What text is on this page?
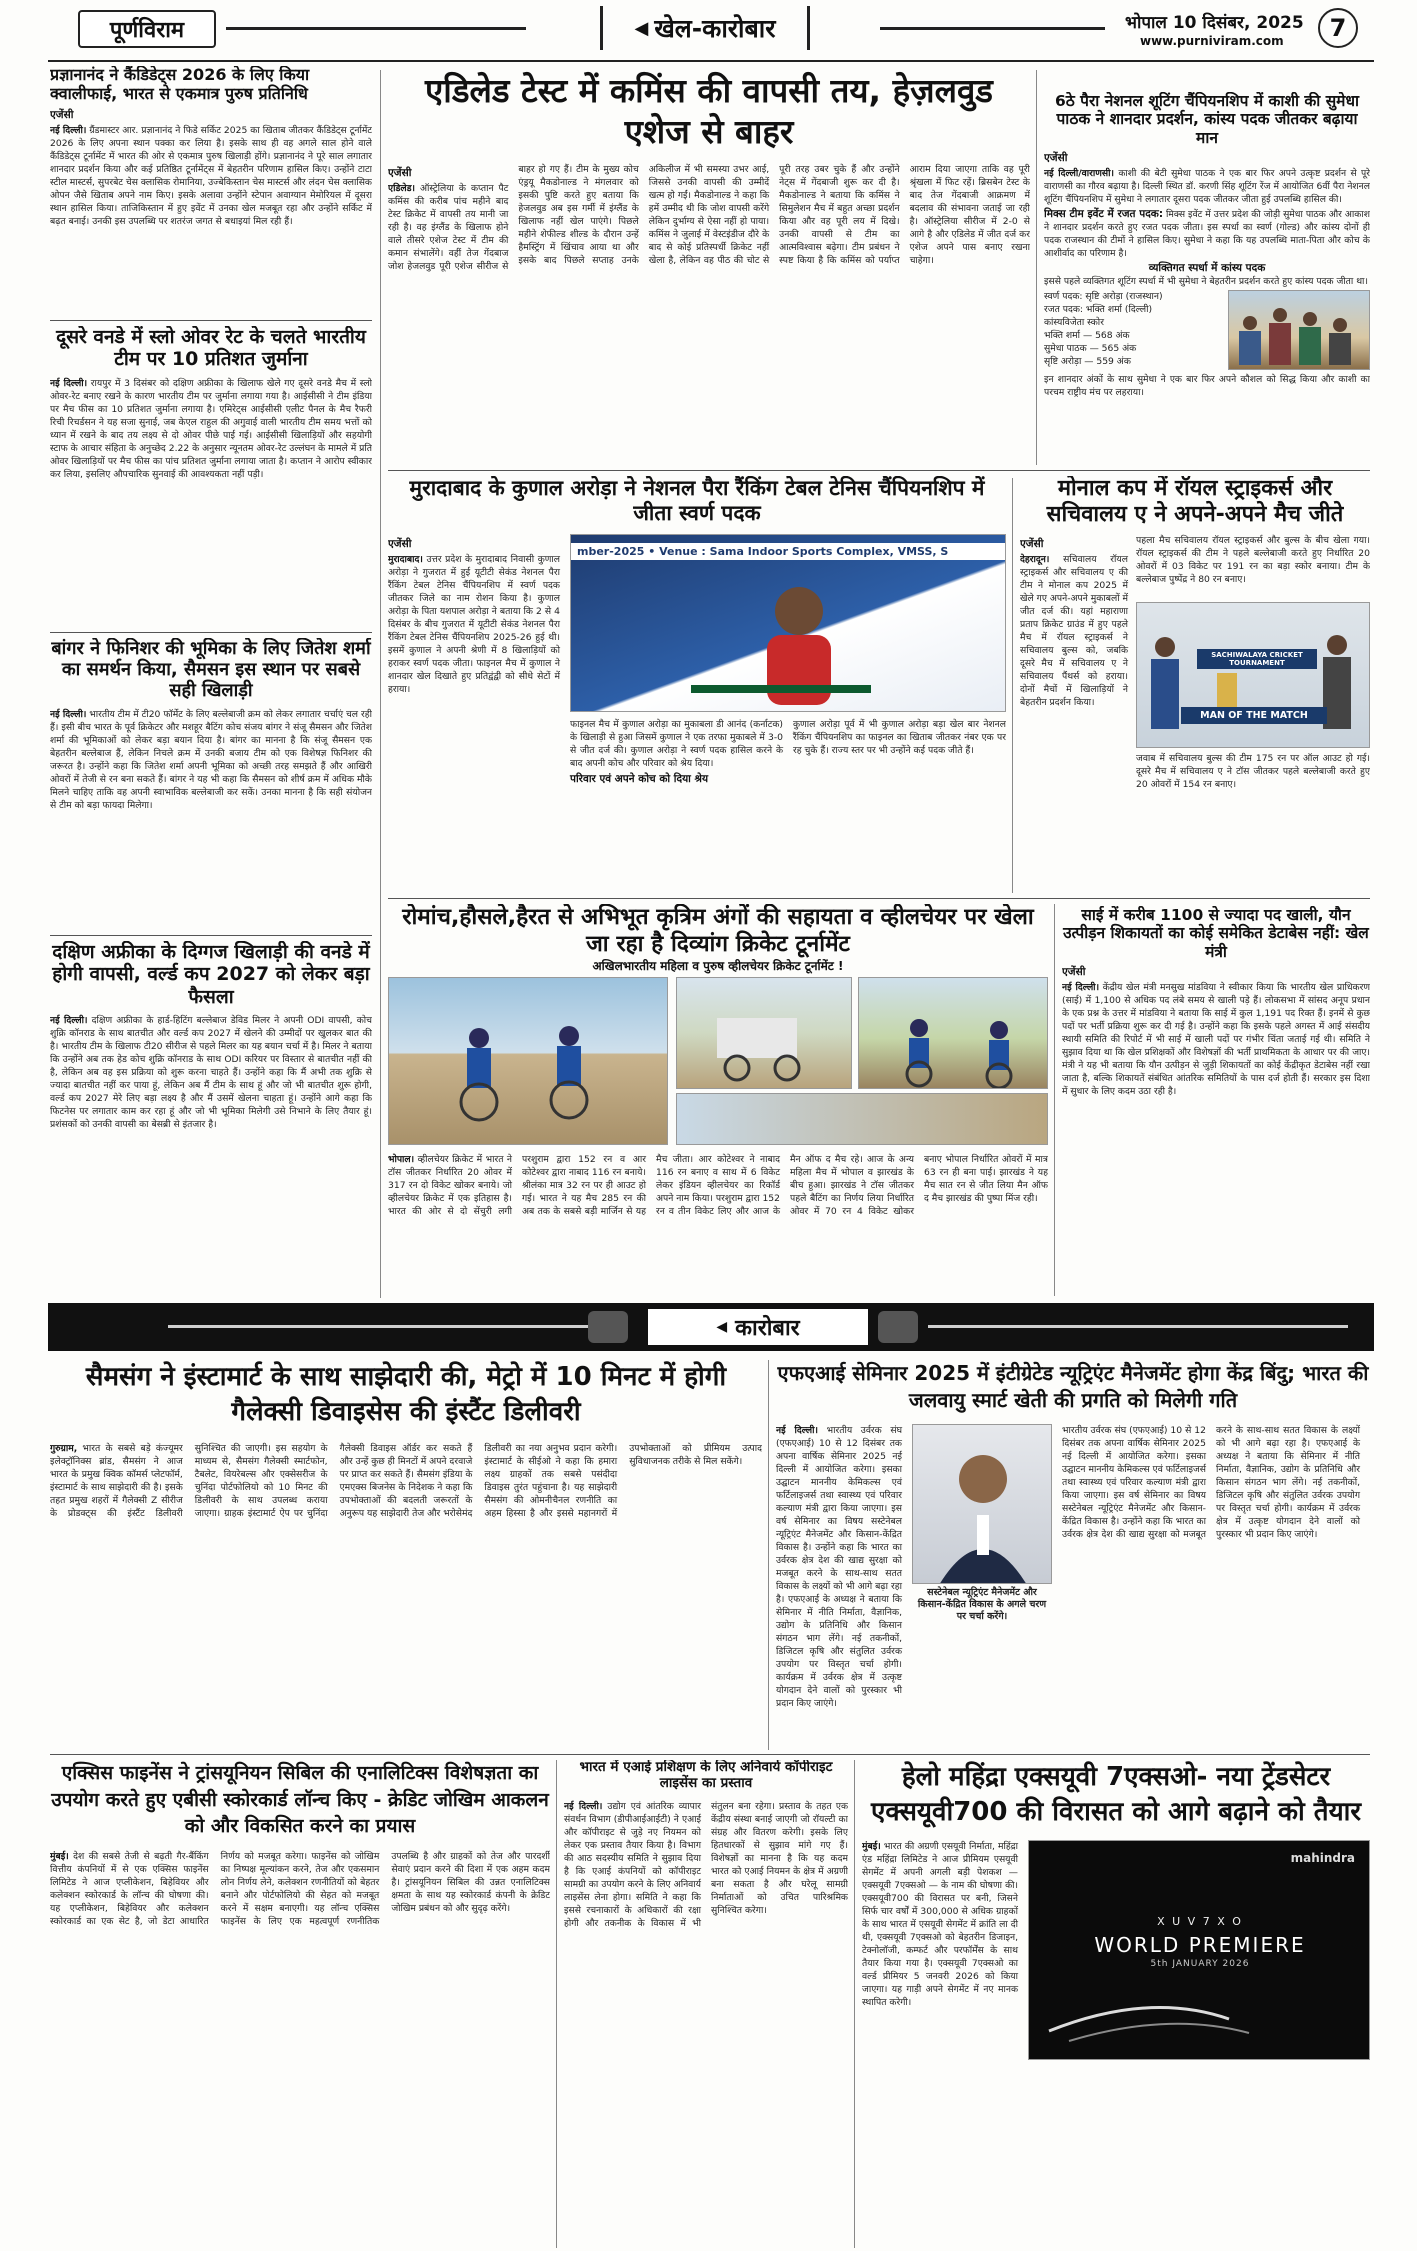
पूर्णविराम	◀ खेल-कारोबार	भोपाल 10 दिसंबर, 2025
www.purniviram.com 7
प्रज्ञानानंद ने कैंडिडेट्स 2026 के लिए किया क्वालीफाई, भारत से एकमात्र पुरुष प्रतिनिधि
एजेंसी
नई दिल्ली। ग्रैंडमास्टर आर. प्रज्ञानानंद ने फिडे सर्किट 2025 का खिताब जीतकर कैंडिडेट्स टूर्नामेंट 2026 के लिए अपना स्थान पक्का कर लिया है। इसके साथ ही वह अगले साल होने वाले कैंडिडेट्स टूर्नामेंट में भारत की ओर से एकमात्र पुरुष खिलाड़ी होंगे। प्रज्ञानानंद ने पूरे साल लगातार शानदार प्रदर्शन किया और कई प्रतिष्ठित टूर्नामेंट्स में बेहतरीन परिणाम हासिल किए। उन्होंने टाटा स्टील मास्टर्स, सुपरबेट चेस क्लासिक रोमानिया, उज्बेकिस्तान चेस मास्टर्स और लंदन चेस क्लासिक ओपन जैसे खिताब अपने नाम किए। इसके अलावा उन्होंने स्टेपान अवाग्यान मेमोरियल में दूसरा स्थान हासिल किया। ताजिकिस्तान में हुए इवेंट में उनका खेल मजबूत रहा और उन्होंने सर्किट में बढ़त बनाई। उनकी इस उपलब्धि पर शतरंज जगत से बधाइयां मिल रही हैं।
दूसरे वनडे में स्लो ओवर रेट के चलते भारतीय टीम पर 10 प्रतिशत जुर्माना
नई दिल्ली। रायपुर में 3 दिसंबर को दक्षिण अफ्रीका के खिलाफ खेले गए दूसरे वनडे मैच में स्लो ओवर-रेट बनाए रखने के कारण भारतीय टीम पर जुर्माना लगाया गया है। आईसीसी ने टीम इंडिया पर मैच फीस का 10 प्रतिशत जुर्माना लगाया है। एमिरेट्स आईसीसी एलीट पैनल के मैच रैफरी रिची रिचर्डसन ने यह सजा सुनाई, जब केएल राहुल की अगुवाई वाली भारतीय टीम समय भत्तों को ध्यान में रखने के बाद तय लक्ष्य से दो ओवर पीछे पाई गई। आईसीसी खिलाड़ियों और सहयोगी स्टाफ के आचार संहिता के अनुच्छेद 2.22 के अनुसार न्यूनतम ओवर-रेट उल्लंघन के मामले में प्रति ओवर खिलाड़ियों पर मैच फीस का पांच प्रतिशत जुर्माना लगाया जाता है। कप्तान ने आरोप स्वीकार कर लिया, इसलिए औपचारिक सुनवाई की आवश्यकता नहीं पड़ी।
बांगर ने फिनिशर की भूमिका के लिए जितेश शर्मा का समर्थन किया, सैमसन इस स्थान पर सबसे सही खिलाड़ी
नई दिल्ली। भारतीय टीम में टी20 फॉर्मेट के लिए बल्लेबाजी क्रम को लेकर लगातार चर्चाएं चल रही हैं। इसी बीच भारत के पूर्व क्रिकेटर और मशहूर बैटिंग कोच संजय बांगर ने संजू सैमसन और जितेश शर्मा की भूमिकाओं को लेकर बड़ा बयान दिया है। बांगर का मानना है कि संजू सैमसन एक बेहतरीन बल्लेबाज हैं, लेकिन निचले क्रम में उनकी बजाय टीम को एक विशेषज्ञ फिनिशर की जरूरत है। उन्होंने कहा कि जितेश शर्मा अपनी भूमिका को अच्छी तरह समझते हैं और आखिरी ओवरों में तेजी से रन बना सकते हैं। बांगर ने यह भी कहा कि सैमसन को शीर्ष क्रम में अधिक मौके मिलने चाहिए ताकि वह अपनी स्वाभाविक बल्लेबाजी कर सकें। उनका मानना है कि सही संयोजन से टीम को बड़ा फायदा मिलेगा।
दक्षिण अफ्रीका के दिग्गज खिलाड़ी की वनडे में होगी वापसी, वर्ल्ड कप 2027 को लेकर बड़ा फैसला
नई दिल्ली। दक्षिण अफ्रीका के हार्ड-हिटिंग बल्लेबाज डेविड मिलर ने अपनी ODI वापसी, कोच शुक्रि कॉनराड के साथ बातचीत और वर्ल्ड कप 2027 में खेलने की उम्मीदों पर खुलकर बात की है। भारतीय टीम के खिलाफ टी20 सीरीज से पहले मिलर का यह बयान चर्चा में है। मिलर ने बताया कि उन्होंने अब तक हेड कोच शुक्रि कॉनराड के साथ ODI करियर पर विस्तार से बातचीत नहीं की है, लेकिन अब वह इस प्रक्रिया को शुरू करना चाहते हैं। उन्होंने कहा कि मैं अभी तक शुक्रि से ज्यादा बातचीत नहीं कर पाया हूं, लेकिन अब मैं टीम के साथ हूं और जो भी बातचीत शुरू होगी, वर्ल्ड कप 2027 मेरे लिए बड़ा लक्ष्य है और मैं उसमें खेलना चाहता हूं। उन्होंने आगे कहा कि फिटनेस पर लगातार काम कर रहा हूं और जो भी भूमिका मिलेगी उसे निभाने के लिए तैयार हूं। प्रशंसकों को उनकी वापसी का बेसब्री से इंतजार है।
एडिलेड टेस्ट में कमिंस की वापसी तय, हेज़लवुड एशेज से बाहर
एजेंसी
एडिलेड। ऑस्ट्रेलिया के कप्तान पैट कमिंस की करीब पांच महीने बाद टेस्ट क्रिकेट में वापसी तय मानी जा रही है। वह इंग्लैंड के खिलाफ होने वाले तीसरे एशेज टेस्ट में टीम की कमान संभालेंगे। वहीं तेज गेंदबाज जोश हेजलवुड पूरी एशेज सीरीज से बाहर हो गए हैं। टीम के मुख्य कोच एंड्रयू मैकडोनाल्ड ने मंगलवार को इसकी पुष्टि करते हुए बताया कि हेजलवुड अब इस गर्मी में इंग्लैंड के खिलाफ नहीं खेल पाएंगे। पिछले महीने शेफील्ड शील्ड के दौरान उन्हें हैमस्ट्रिंग में खिंचाव आया था और इसके बाद पिछले सप्ताह उनके अकिलीज में भी समस्या उभर आई, जिससे उनकी वापसी की उम्मीदें खत्म हो गईं। मैकडोनाल्ड ने कहा कि हमें उम्मीद थी कि जोश वापसी करेंगे लेकिन दुर्भाग्य से ऐसा नहीं हो पाया। कमिंस ने जुलाई में वेस्टइंडीज दौरे के बाद से कोई प्रतिस्पर्धी क्रिकेट नहीं खेला है, लेकिन वह पीठ की चोट से पूरी तरह उबर चुके हैं और उन्होंने नेट्स में गेंदबाजी शुरू कर दी है। मैकडोनाल्ड ने बताया कि कमिंस ने सिमुलेशन मैच में बहुत अच्छा प्रदर्शन किया और वह पूरी लय में दिखे। उनकी वापसी से टीम का आत्मविश्वास बढ़ेगा। टीम प्रबंधन ने स्पष्ट किया है कि कमिंस को पर्याप्त आराम दिया जाएगा ताकि वह पूरी श्रृंखला में फिट रहें। ब्रिसबेन टेस्ट के बाद तेज गेंदबाजी आक्रमण में बदलाव की संभावना जताई जा रही है। ऑस्ट्रेलिया सीरीज में 2-0 से आगे है और एडिलेड में जीत दर्ज कर एशेज अपने पास बनाए रखना चाहेगा।
6ठे पैरा नेशनल शूटिंग चैंपियनशिप में काशी की सुमेधा पाठक ने शानदार प्रदर्शन, कांस्य पदक जीतकर बढ़ाया मान
एजेंसी

नई दिल्ली/वाराणसी। काशी की बेटी सुमेधा पाठक ने एक बार फिर अपने उत्कृष्ट प्रदर्शन से पूरे वाराणसी का गौरव बढ़ाया है। दिल्ली स्थित डॉ. करणी सिंह शूटिंग रेंज में आयोजित 6वीं पैरा नेशनल शूटिंग चैंपियनशिप में सुमेधा ने लगातार दूसरा पदक जीतकर जीता हुई उपलब्धि हासिल की।

मिक्स टीम इवेंट में रजत पदक: मिक्स इवेंट में उत्तर प्रदेश की जोड़ी सुमेधा पाठक और आकाश ने शानदार प्रदर्शन करते हुए रजत पदक जीता। इस स्पर्धा का स्वर्ण (गोल्ड) और कांस्य दोनों ही पदक राजस्थान की टीमों ने हासिल किए। सुमेधा ने कहा कि यह उपलब्धि माता-पिता और कोच के आशीर्वाद का परिणाम है।

व्यक्तिगत स्पर्धा में कांस्य पदक

इससे पहले व्यक्तिगत शूटिंग स्पर्धा में भी सुमेधा ने बेहतरीन प्रदर्शन करते हुए कांस्य पदक जीता था।

स्वर्ण पदक: सृष्टि अरोड़ा (राजस्थान)
रजत पदक: भक्ति शर्मा (दिल्ली)
कांस्यविजेता स्कोर
भक्ति शर्मा — 568 अंक
सुमेधा पाठक — 565 अंक
सृष्टि अरोड़ा — 559 अंक
इन शानदार अंकों के साथ सुमेधा ने एक बार फिर अपने कौशल को सिद्ध किया और काशी का परचम राष्ट्रीय मंच पर लहराया।
मुरादाबाद के कुणाल अरोड़ा ने नेशनल पैरा रैंकिंग टेबल टेनिस चैंपियनशिप में जीता स्वर्ण पदक
एजेंसी
मुरादाबाद। उत्तर प्रदेश के मुरादाबाद निवासी कुणाल अरोड़ा ने गुजरात में हुई यूटीटी सेकंड नेशनल पैरा रैंकिंग टेबल टेनिस चैंपियनशिप में स्वर्ण पदक जीतकर जिले का नाम रोशन किया है। कुणाल अरोड़ा के पिता यशपाल अरोड़ा ने बताया कि 2 से 4 दिसंबर के बीच गुजरात में यूटीटी सेकंड नेशनल पैरा रैंकिंग टेबल टेनिस चैंपियनशिप 2025-26 हुई थी। इसमें कुणाल ने अपनी श्रेणी में 8 खिलाड़ियों को हराकर स्वर्ण पदक जीता। फाइनल मैच में कुणाल ने शानदार खेल दिखाते हुए प्रतिद्वंद्वी को सीधे सेटों में हराया।
mber-2025 • Venue : Sama Indoor Sports Complex, VMSS, S
फाइनल मैच में कुणाल अरोड़ा का मुकाबला डी आनंद (कर्नाटक) के खिलाड़ी से हुआ जिसमें कुणाल ने एक तरफा मुकाबले में 3-0 से जीत दर्ज की। कुणाल अरोड़ा ने स्वर्ण पदक हासिल करने के बाद अपनी कोच और परिवार को श्रेय दिया।
परिवार एवं अपने कोच को दिया श्रेय
कुणाल अरोड़ा पूर्व में भी कुणाल अरोड़ा बड़ा खेल बार नेशनल रैंकिंग चैंपियनशिप का फाइनल का खिताब जीतकर नंबर एक पर रह चुके हैं। राज्य स्तर पर भी उन्होंने कई पदक जीते हैं।
मोनाल कप में रॉयल स्ट्राइकर्स और सचिवालय ए ने अपने-अपने मैच जीते
एजेंसी
देहरादून। सचिवालय रॉयल स्ट्राइकर्स और सचिवालय ए की टीम ने मोनाल कप 2025 में खेले गए अपने-अपने मुकाबलों में जीत दर्ज की। यहां महाराणा प्रताप क्रिकेट ग्राउंड में हुए पहले मैच में रॉयल स्ट्राइकर्स ने सचिवालय बुल्स को, जबकि दूसरे मैच में सचिवालय ए ने सचिवालय पैंथर्स को हराया। दोनों मैचों में खिलाड़ियों ने बेहतरीन प्रदर्शन किया।
पहला मैच सचिवालय रॉयल स्ट्राइकर्स और बुल्स के बीच खेला गया। रॉयल स्ट्राइकर्स की टीम ने पहले बल्लेबाजी करते हुए निर्धारित 20 ओवरों में 03 विकेट पर 191 रन का बड़ा स्कोर बनाया। टीम के बल्लेबाज पुष्पेंद्र ने 80 रन बनाए।
SACHIWALAYA CRICKET TOURNAMENT
MAN OF THE MATCH
जवाब में सचिवालय बुल्स की टीम 175 रन पर ऑल आउट हो गई। दूसरे मैच में सचिवालय ए ने टॉस जीतकर पहले बल्लेबाजी करते हुए 20 ओवरों में 154 रन बनाए।
रोमांच,हौसले,हैरत से अभिभूत कृत्रिम अंगों की सहायता व व्हीलचेयर पर खेला जा रहा है दिव्यांग क्रिकेट टूर्नामेंट
अखिलभारतीय महिला व पुरुष व्हीलचेयर क्रिकेट टूर्नामेंट !
भोपाल। व्हीलचेयर क्रिकेट में भारत ने टॉस जीतकर निर्धारित 20 ओवर में 317 रन दो विकेट खोकर बनाये। जो व्हीलचेयर क्रिकेट में एक इतिहास है। भारत की ओर से दो सेंचुरी लगी परशुराम द्वारा 152 रन व आर कोटेश्वर द्वारा नाबाद 116 रन बनाये। श्रीलंका मात्र 32 रन पर ही आउट हो गई। भारत ने यह मैच 285 रन की अब तक के सबसे बड़ी मार्जिन से यह मैच जीता। आर कोटेश्वर ने नाबाद 116 रन बनाए व साथ में 6 विकेट लेकर इंडियन व्हीलचेयर का रिकॉर्ड अपने नाम किया। परशुराम द्वारा 152 रन व तीन विकेट लिए और आज के मैन ऑफ द मैच रहे। आज के अन्य महिला मैच में भोपाल व झारखंड के बीच हुआ। झारखंड ने टॉस जीतकर पहले बैटिंग का निर्णय लिया निर्धारित ओवर में 70 रन 4 विकेट खोकर बनाए भोपाल निर्धारित ओवरों में मात्र 63 रन ही बना पाई। झारखंड ने यह मैच सात रन से जीत लिया मैन ऑफ द मैच झारखंड की पुष्पा मिंज रही।
साई में करीब 1100 से ज्यादा पद खाली, यौन उत्पीड़न शिकायतों का कोई समेकित डेटाबेस नहीं: खेल मंत्री
एजेंसी
नई दिल्ली। केंद्रीय खेल मंत्री मनसुख मांडविया ने स्वीकार किया कि भारतीय खेल प्राधिकरण (साई) में 1,100 से अधिक पद लंबे समय से खाली पड़े हैं। लोकसभा में सांसद अनूप प्रधान के एक प्रश्न के उत्तर में मांडविया ने बताया कि साई में कुल 1,191 पद रिक्त हैं। इनमें से कुछ पदों पर भर्ती प्रक्रिया शुरू कर दी गई है। उन्होंने कहा कि इसके पहले अगस्त में आई संसदीय स्थायी समिति की रिपोर्ट में भी साई में खाली पदों पर गंभीर चिंता जताई गई थी। समिति ने सुझाव दिया था कि खेल प्रशिक्षकों और विशेषज्ञों की भर्ती प्राथमिकता के आधार पर की जाए। मंत्री ने यह भी बताया कि यौन उत्पीड़न से जुड़ी शिकायतों का कोई केंद्रीकृत डेटाबेस नहीं रखा जाता है, बल्कि शिकायतें संबंधित आंतरिक समितियों के पास दर्ज होती हैं। सरकार इस दिशा में सुधार के लिए कदम उठा रही है।
◀ कारोबार
सैमसंग ने इंस्टामार्ट के साथ साझेदारी की, मेट्रो में 10 मिनट में होगी गैलेक्सी डिवाइसेस की इंस्टैंट डिलीवरी
गुरुग्राम, भारत के सबसे बड़े कंज्यूमर इलेक्ट्रॉनिक्स ब्रांड, सैमसंग ने आज भारत के प्रमुख क्विक कॉमर्स प्लेटफॉर्म, इंस्टामार्ट के साथ साझेदारी की है। इसके तहत प्रमुख शहरों में गैलेक्सी Z सीरीज के प्रोडक्ट्स की इंस्टैंट डिलीवरी सुनिश्चित की जाएगी। इस सहयोग के माध्यम से, सैमसंग गैलेक्सी स्मार्टफोन, टैबलेट, वियरेबल्स और एक्सेसरीज के चुनिंदा पोर्टफोलियो को 10 मिनट की डिलीवरी के साथ उपलब्ध कराया जाएगा। ग्राहक इंस्टामार्ट ऐप पर चुनिंदा गैलेक्सी डिवाइस ऑर्डर कर सकते हैं और उन्हें कुछ ही मिनटों में अपने दरवाजे पर प्राप्त कर सकते हैं। सैमसंग इंडिया के एमएक्स बिजनेस के निदेशक ने कहा कि उपभोक्ताओं की बदलती जरूरतों के अनुरूप यह साझेदारी तेज और भरोसेमंद डिलीवरी का नया अनुभव प्रदान करेगी। इंस्टामार्ट के सीईओ ने कहा कि हमारा लक्ष्य ग्राहकों तक सबसे पसंदीदा डिवाइस तुरंत पहुंचाना है। यह साझेदारी सैमसंग की ओमनीचैनल रणनीति का अहम हिस्सा है और इससे महानगरों में उपभोक्ताओं को प्रीमियम उत्पाद सुविधाजनक तरीके से मिल सकेंगे।
एफएआई सेमिनार 2025 में इंटीग्रेटेड न्यूट्रिएंट मैनेजमेंट होगा केंद्र बिंदु; भारत की जलवायु स्मार्ट खेती की प्रगति को मिलेगी गति
नई दिल्ली। भारतीय उर्वरक संघ (एफएआई) 10 से 12 दिसंबर तक अपना वार्षिक सेमिनार 2025 नई दिल्ली में आयोजित करेगा। इसका उद्घाटन माननीय केमिकल्स एवं फर्टिलाइजर्स तथा स्वास्थ्य एवं परिवार कल्याण मंत्री द्वारा किया जाएगा। इस वर्ष सेमिनार का विषय सस्टेनेबल न्यूट्रिएंट मैनेजमेंट और किसान-केंद्रित विकास है। उन्होंने कहा कि भारत का उर्वरक क्षेत्र देश की खाद्य सुरक्षा को मजबूत करने के साथ-साथ सतत विकास के लक्ष्यों को भी आगे बढ़ा रहा है। एफएआई के अध्यक्ष ने बताया कि सेमिनार में नीति निर्माता, वैज्ञानिक, उद्योग के प्रतिनिधि और किसान संगठन भाग लेंगे। नई तकनीकों, डिजिटल कृषि और संतुलित उर्वरक उपयोग पर विस्तृत चर्चा होगी। कार्यक्रम में उर्वरक क्षेत्र में उत्कृष्ट योगदान देने वालों को पुरस्कार भी प्रदान किए जाएंगे।
सस्टेनेबल न्यूट्रिएंट मैनेजमेंट और किसान-केंद्रित विकास के अगले चरण पर चर्चा करेंगे।
भारतीय उर्वरक संघ (एफएआई) 10 से 12 दिसंबर तक अपना वार्षिक सेमिनार 2025 नई दिल्ली में आयोजित करेगा। इसका उद्घाटन माननीय केमिकल्स एवं फर्टिलाइजर्स तथा स्वास्थ्य एवं परिवार कल्याण मंत्री द्वारा किया जाएगा। इस वर्ष सेमिनार का विषय सस्टेनेबल न्यूट्रिएंट मैनेजमेंट और किसान-केंद्रित विकास है। उन्होंने कहा कि भारत का उर्वरक क्षेत्र देश की खाद्य सुरक्षा को मजबूत करने के साथ-साथ सतत विकास के लक्ष्यों को भी आगे बढ़ा रहा है। एफएआई के अध्यक्ष ने बताया कि सेमिनार में नीति निर्माता, वैज्ञानिक, उद्योग के प्रतिनिधि और किसान संगठन भाग लेंगे। नई तकनीकों, डिजिटल कृषि और संतुलित उर्वरक उपयोग पर विस्तृत चर्चा होगी। कार्यक्रम में उर्वरक क्षेत्र में उत्कृष्ट योगदान देने वालों को पुरस्कार भी प्रदान किए जाएंगे।
एक्सिस फाइनेंस ने ट्रांसयूनियन सिबिल की एनालिटिक्स विशेषज्ञता का उपयोग करते हुए एबीसी स्कोरकार्ड लॉन्च किए - क्रेडिट जोखिम आकलन को और विकसित करने का प्रयास
मुंबई। देश की सबसे तेजी से बढ़ती गैर-बैंकिंग वित्तीय कंपनियों में से एक एक्सिस फाइनेंस लिमिटेड ने आज एप्लीकेशन, बिहेवियर और कलेक्शन स्कोरकार्ड के लॉन्च की घोषणा की। यह एप्लीकेशन, बिहेवियर और कलेक्शन स्कोरकार्ड का एक सेट है, जो डेटा आधारित निर्णय को मजबूत करेगा। फाइनेंस को जोखिम का निष्पक्ष मूल्यांकन करने, तेज और एकसमान लोन निर्णय लेने, कलेक्शन रणनीतियों को बेहतर बनाने और पोर्टफोलियो की सेहत को मजबूत करने में सक्षम बनाएगी। यह लॉन्च एक्सिस फाइनेंस के लिए एक महत्वपूर्ण रणनीतिक उपलब्धि है और ग्राहकों को तेज और पारदर्शी सेवाएं प्रदान करने की दिशा में एक अहम कदम है। ट्रांसयूनियन सिबिल की उन्नत एनालिटिक्स क्षमता के साथ यह स्कोरकार्ड कंपनी के क्रेडिट जोखिम प्रबंधन को और सुदृढ़ करेंगे।
भारत में एआई प्रशिक्षण के लिए अनिवार्य कॉपीराइट लाइसेंस का प्रस्ताव
नई दिल्ली। उद्योग एवं आंतरिक व्यापार संवर्धन विभाग (डीपीआईआईटी) ने एआई और कॉपीराइट से जुड़े नए नियमन को लेकर एक प्रस्ताव तैयार किया है। विभाग की आठ सदस्यीय समिति ने सुझाव दिया है कि एआई कंपनियों को कॉपीराइट सामग्री का उपयोग करने के लिए अनिवार्य लाइसेंस लेना होगा। समिति ने कहा कि इससे रचनाकारों के अधिकारों की रक्षा होगी और तकनीक के विकास में भी संतुलन बना रहेगा। प्रस्ताव के तहत एक केंद्रीय संस्था बनाई जाएगी जो रॉयल्टी का संग्रह और वितरण करेगी। इसके लिए हितधारकों से सुझाव मांगे गए हैं। विशेषज्ञों का मानना है कि यह कदम भारत को एआई नियमन के क्षेत्र में अग्रणी बना सकता है और घरेलू सामग्री निर्माताओं को उचित पारिश्रमिक सुनिश्चित करेगा।
हेलो महिंद्रा एक्सयूवी 7एक्सओ- नया ट्रेंडसेटर एक्सयूवी700 की विरासत को आगे बढ़ाने को तैयार
मुंबई। भारत की अग्रणी एसयूवी निर्माता, महिंद्रा एंड महिंद्रा लिमिटेड ने आज प्रीमियम एसयूवी सेगमेंट में अपनी अगली बड़ी पेशकश — एक्सयूवी 7एक्सओ — के नाम की घोषणा की। एक्सयूवी700 की विरासत पर बनी, जिसने सिर्फ चार वर्षों में 300,000 से अधिक ग्राहकों के साथ भारत में एसयूवी सेगमेंट में क्रांति ला दी थी, एक्सयूवी 7एक्सओ को बेहतरीन डिजाइन, टेक्नोलॉजी, कम्फर्ट और परफॉर्मेंस के साथ तैयार किया गया है। एक्सयूवी 7एक्सओ का वर्ल्ड प्रीमियर 5 जनवरी 2026 को किया जाएगा। यह गाड़ी अपने सेगमेंट में नए मानक स्थापित करेगी।
mahindra
X U V 7 X O
WORLD PREMIERE
5th JANUARY 2026
